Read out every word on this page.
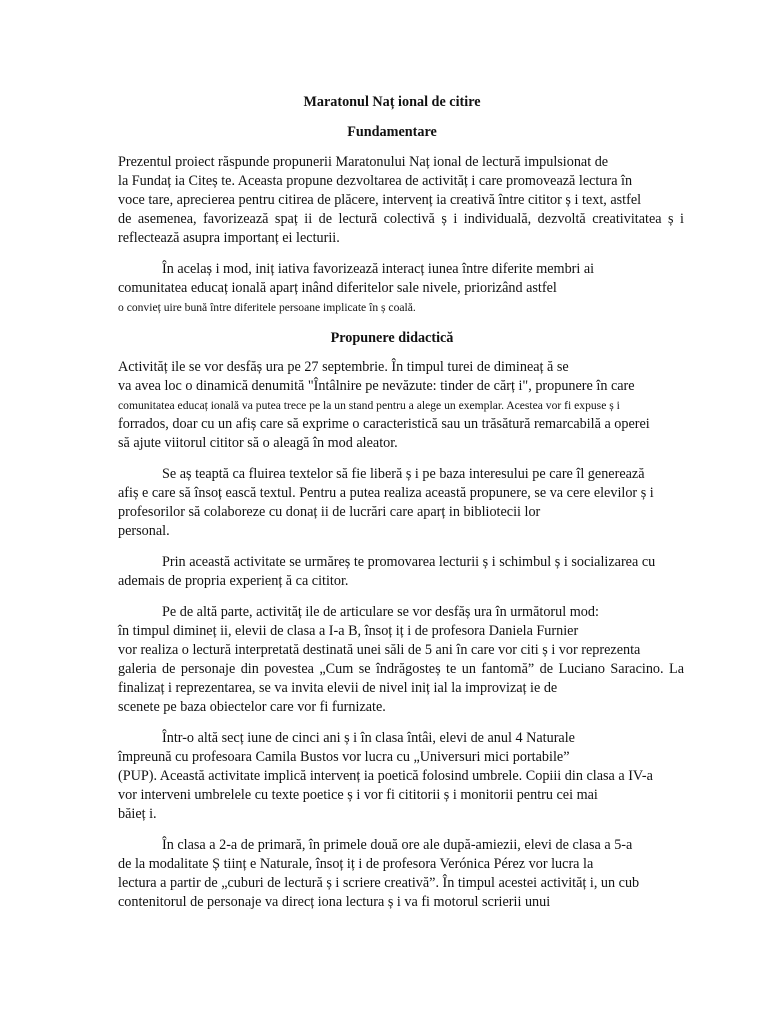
Maratonul Naț ional de citire
Fundamentare
Prezentul proiect răspunde propunerii Maratonului Naț ional de lectură impulsionat de
la Fundaț ia Citeș te. Aceasta propune dezvoltarea de activităț i care promovează lectura în
voce tare, aprecierea pentru citirea de plăcere, intervenț ia creativă între cititor ș i text, astfel
de asemenea, favorizează spaț ii de lectură colectivă ș i individuală, dezvoltă creativitatea ș i
reflectează asupra importanț ei lecturii.
În acelaș i mod, iniț iativa favorizează interacț iunea între diferite membri ai
comunitatea educaț ională aparț inând diferitelor sale nivele, priorizând astfel
o convieț uire bună între diferitele persoane implicate în ș coală.
Propunere didactică
Activităț ile se vor desfăș ura pe 27 septembrie. În timpul turei de dimineaț ă se
va avea loc o dinamică denumită "Întâlnire pe nevăzute: tinder de cărț i", propunere în care
comunitatea educaț ională va putea trece pe la un stand pentru a alege un exemplar. Acestea vor fi expuse ș i
forrados, doar cu un afiș care să exprime o caracteristică sau un trăsătură remarcabilă a operei
să ajute viitorul cititor să o aleagă în mod aleator.
Se aș teaptă ca fluirea textelor să fie liberă ș i pe baza interesului pe care îl generează
afiș e care să însoț ească textul. Pentru a putea realiza această propunere, se va cere elevilor ș i
profesorilor să colaboreze cu donaț ii de lucrări care aparț in bibliotecii lor
personal.
Prin această activitate se urmăreș te promovarea lecturii ș i schimbul ș i socializarea cu
ademais de propria experienț ă ca cititor.
Pe de altă parte, activităț ile de articulare se vor desfăș ura în următorul mod:
în timpul dimineț ii, elevii de clasa a I-a B, însoț iț i de profesora Daniela Furnier
vor realiza o lectură interpretată destinată unei săli de 5 ani în care vor citi ș i vor reprezenta
galeria de personaje din povestea „Cum se îndrăgosteș te un fantomă” de Luciano Saracino. La
finalizaț i reprezentarea, se va invita elevii de nivel iniț ial la improvizaț ie de
scenete pe baza obiectelor care vor fi furnizate.
Într-o altă secț iune de cinci ani ș i în clasa întâi, elevi de anul 4 Naturale
împreună cu profesoara Camila Bustos vor lucra cu „Universuri mici portabile”
(PUP). Această activitate implică intervenț ia poetică folosind umbrele. Copiii din clasa a IV-a
vor interveni umbrelele cu texte poetice ș i vor fi cititorii ș i monitorii pentru cei mai
băieț i.
În clasa a 2-a de primară, în primele două ore ale după-amiezii, elevi de clasa a 5-a
de la modalitate Ș tiinț e Naturale, însoț iț i de profesora Verónica Pérez vor lucra la
lectura a partir de „cuburi de lectură ș i scriere creativă”. În timpul acestei activităț i, un cub
contenitorul de personaje va direcț iona lectura ș i va fi motorul scrierii unui
